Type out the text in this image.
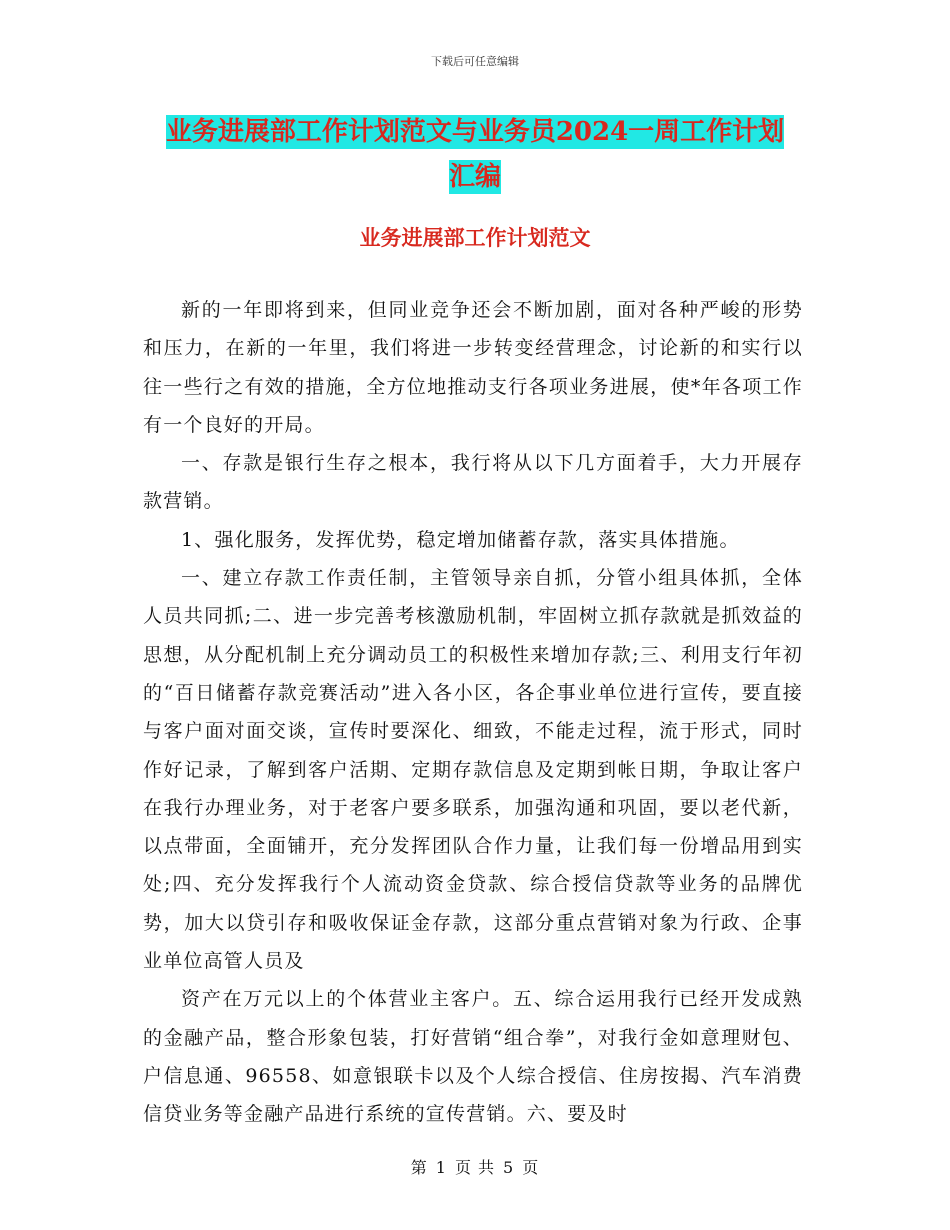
下载后可任意编辑
业务进展部工作计划范文与业务员2024一周工作计划
汇编
业务进展部工作计划范文

新的一年即将到来，但同业竞争还会不断加剧，面对各种严峻的形势和压力，在新的一年里，我们将进一步转变经营理念，讨论新的和实行以往一些行之有效的措施，全方位地推动支行各项业务进展，使*年各项工作有一个良好的开局。

一、存款是银行生存之根本，我行将从以下几方面着手，大力开展存款营销。

1、强化服务，发挥优势，稳定增加储蓄存款，落实具体措施。

一、建立存款工作责任制，主管领导亲自抓，分管小组具体抓，全体人员共同抓;二、进一步完善考核激励机制，牢固树立抓存款就是抓效益的思想，从分配机制上充分调动员工的积极性来增加存款;三、利用支行年初的“百日储蓄存款竞赛活动”进入各小区，各企事业单位进行宣传，要直接与客户面对面交谈，宣传时要深化、细致，不能走过程，流于形式，同时作好记录，了解到客户活期、定期存款信息及定期到帐日期，争取让客户在我行办理业务，对于老客户要多联系，加强沟通和巩固，要以老代新，以点带面，全面铺开，充分发挥团队合作力量，让我们每一份增品用到实处;四、充分发挥我行个人流动资金贷款、综合授信贷款等业务的品牌优势，加大以贷引存和吸收保证金存款，这部分重点营销对象为行政、企事业单位高管人员及

资产在万元以上的个体营业主客户。五、综合运用我行已经开发成熟的金融产品，整合形象包装，打好营销“组合拳”，对我行金如意理财包、户信息通、96558、如意银联卡以及个人综合授信、住房按揭、汽车消费信贷业务等金融产品进行系统的宣传营销。六、要及时

第 1 页 共 5 页
